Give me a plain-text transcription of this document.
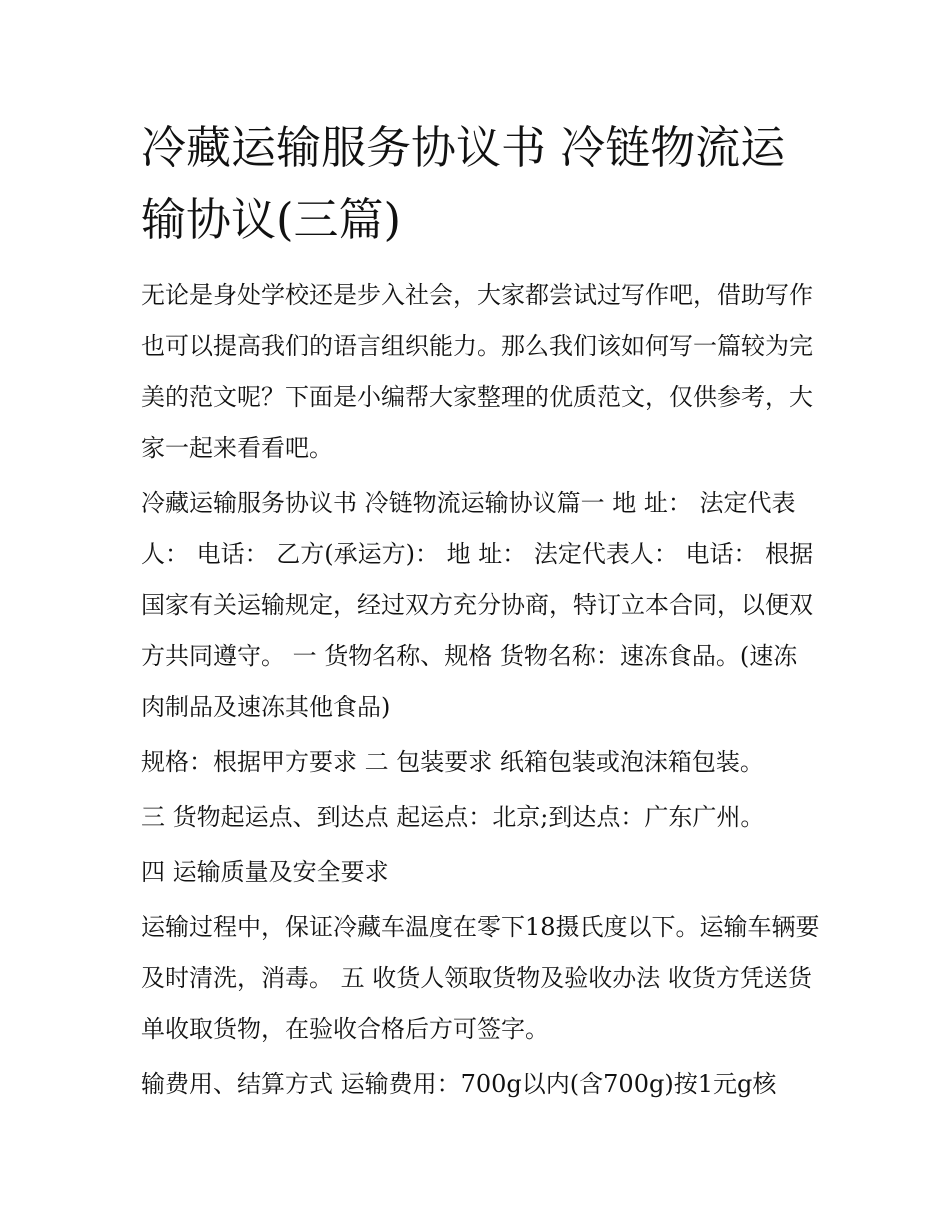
冷藏运输服务协议书 冷链物流运输协议(三篇)

无论是身处学校还是步入社会，大家都尝试过写作吧，借助写作也可以提高我们的语言组织能力。那么我们该如何写一篇较为完美的范文呢？下面是小编帮大家整理的优质范文，仅供参考，大家一起来看看吧。

冷藏运输服务协议书 冷链物流运输协议篇一 地 址： 法定代表人： 电话： 乙方(承运方)： 地 址： 法定代表人： 电话： 根据国家有关运输规定，经过双方充分协商，特订立本合同，以便双方共同遵守。 一 货物名称、规格 货物名称：速冻食品。(速冻肉制品及速冻其他食品)

规格：根据甲方要求 二 包装要求 纸箱包装或泡沫箱包装。

三 货物起运点、到达点 起运点：北京;到达点：广东广州。

四 运输质量及安全要求

运输过程中，保证冷藏车温度在零下18摄氏度以下。运输车辆要及时清洗，消毒。 五 收货人领取货物及验收办法 收货方凭送货单收取货物，在验收合格后方可签字。

输费用、结算方式 运输费用：700g以内(含700g)按1元g核
